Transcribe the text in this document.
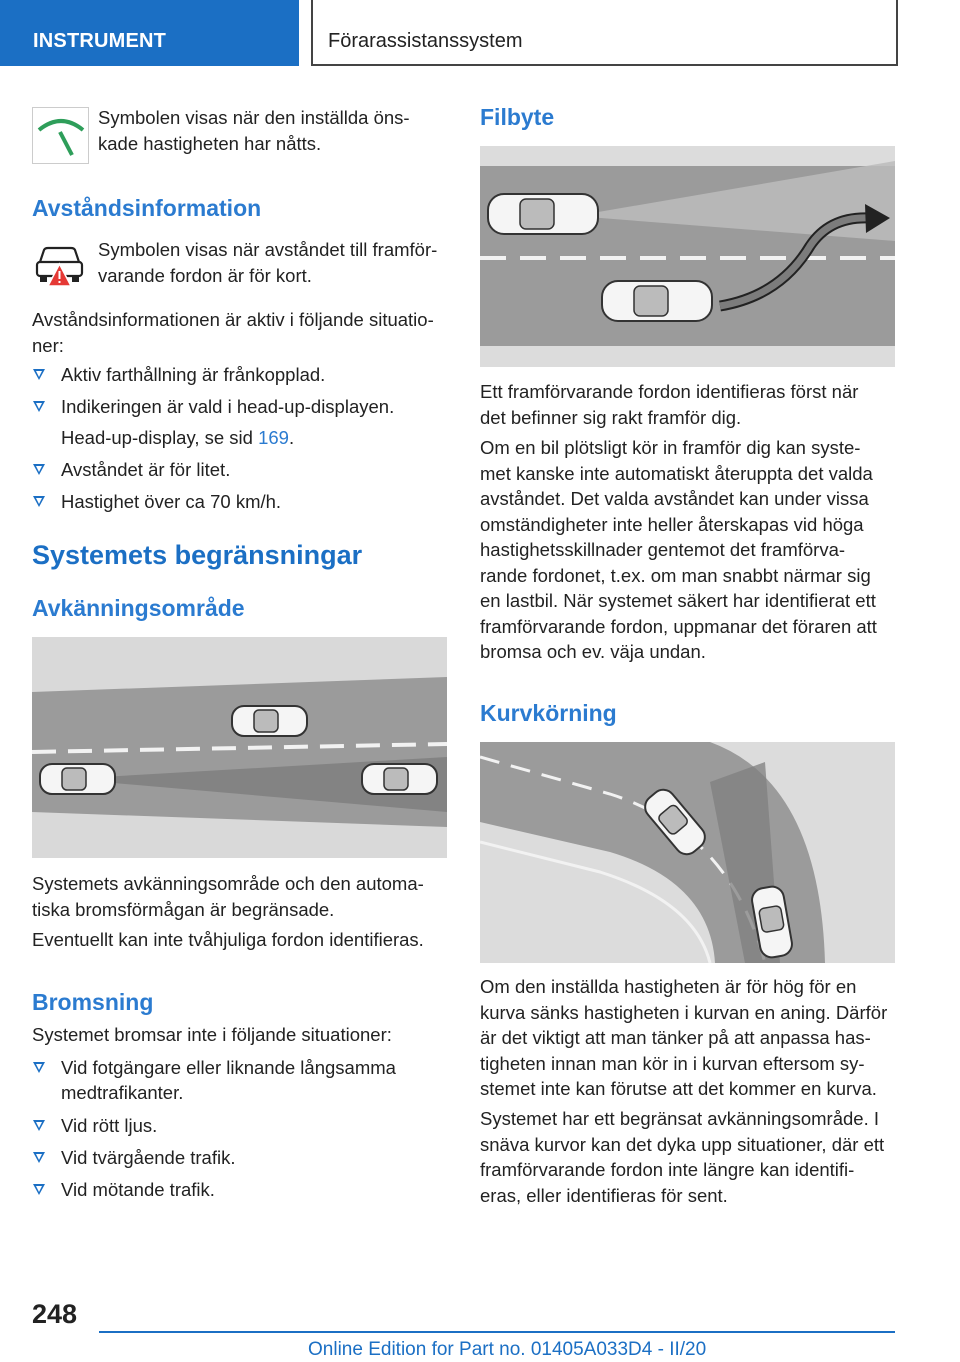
INSTRUMENT	Förarassistanssystem
Symbolen visas när den inställda öns-
kade hastigheten har nåtts.
Avståndsinformation
Symbolen visas när avståndet till framför-
varande fordon är för kort.
Avståndsinformationen är aktiv i följande situatio-
ner:
Aktiv farthållning är frånkopplad.
Indikeringen är vald i head-up-displayen.
Head-up-display, se sid 169.
Avståndet är för litet.
Hastighet över ca 70 km/h.
Systemets begränsningar
Avkänningsområde
Systemets avkänningsområde och den automa-
tiska bromsförmågan är begränsade.
Eventuellt kan inte tvåhjuliga fordon identifieras.
Bromsning
Systemet bromsar inte i följande situationer:
Vid fotgängare eller liknande långsamma
medtrafikanter.
Vid rött ljus.
Vid tvärgående trafik.
Vid mötande trafik.
Filbyte
Ett framförvarande fordon identifieras först när
det befinner sig rakt framför dig.
Om en bil plötsligt kör in framför dig kan syste-
met kanske inte automatiskt återuppta det valda
avståndet. Det valda avståndet kan under vissa
omständigheter inte heller återskapas vid höga
hastighetsskillnader gentemot det framförva-
rande fordonet, t.ex. om man snabbt närmar sig
en lastbil. När systemet säkert har identifierat ett
framförvarande fordon, uppmanar det föraren att
bromsa och ev. väja undan.
Kurvkörning
Om den inställda hastigheten är för hög för en
kurva sänks hastigheten i kurvan en aning. Därför
är det viktigt att man tänker på att anpassa has-
tigheten innan man kör in i kurvan eftersom sy-
stemet inte kan förutse att det kommer en kurva.
Systemet har ett begränsat avkänningsområde. I
snäva kurvor kan det dyka upp situationer, där ett
framförvarande fordon inte längre kan identifi-
eras, eller identifieras för sent.
248
Online Edition for Part no. 01405A033D4 - II/20
